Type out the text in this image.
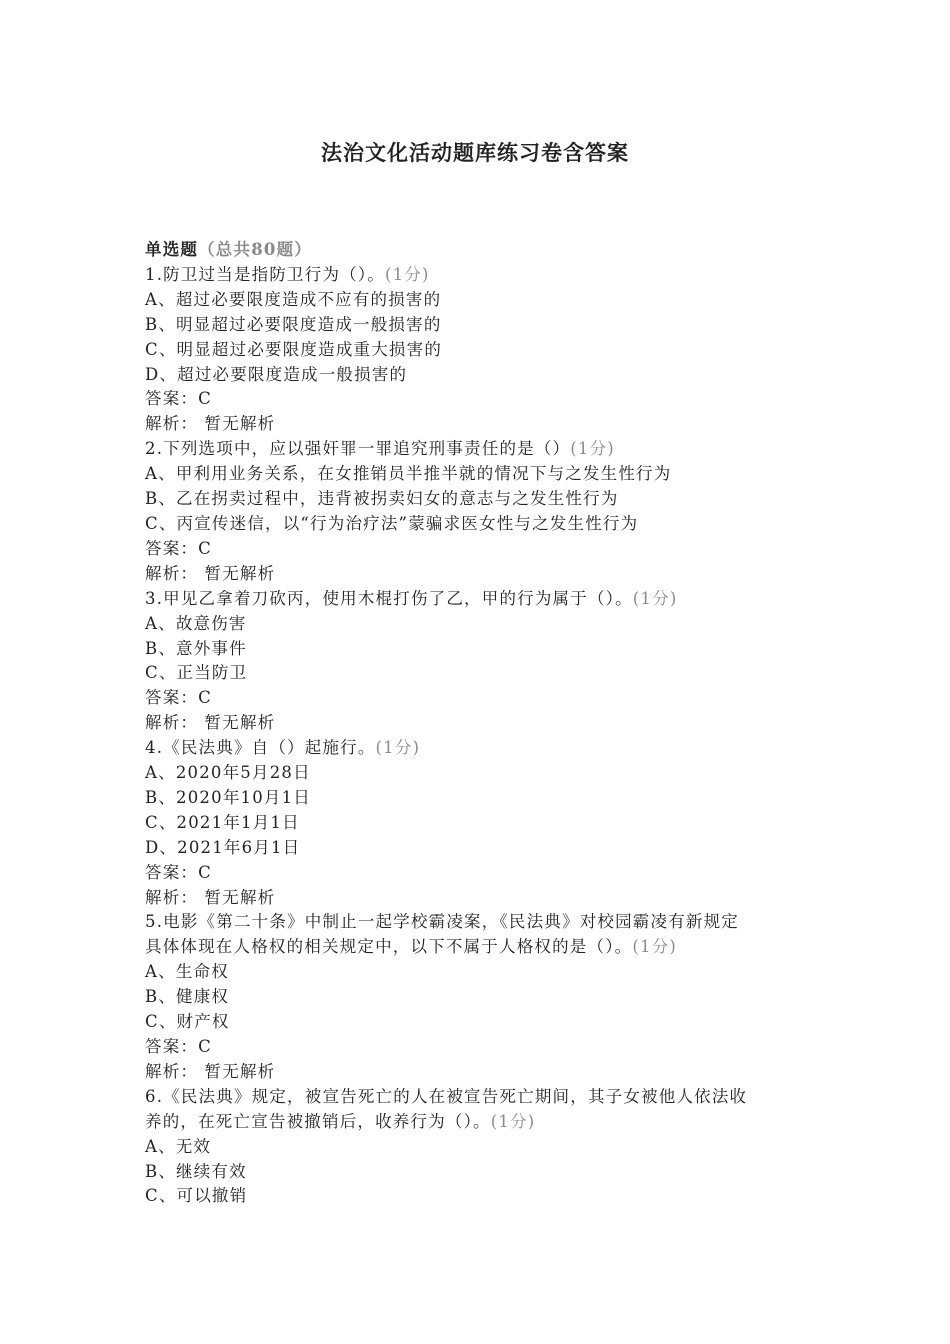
法治文化活动题库练习卷含答案
单选题（总共80题）
1.防卫过当是指防卫行为（）。(1分)
A、超过必要限度造成不应有的损害的
B、明显超过必要限度造成一般损害的
C、明显超过必要限度造成重大损害的
D、超过必要限度造成一般损害的
答案：C
解析： 暂无解析
2.下列选项中，应以强奸罪一罪追究刑事责任的是（）(1分)
A、甲利用业务关系，在女推销员半推半就的情况下与之发生性行为
B、乙在拐卖过程中，违背被拐卖妇女的意志与之发生性行为
C、丙宣传迷信，以“行为治疗法”蒙骗求医女性与之发生性行为
答案：C
解析： 暂无解析
3.甲见乙拿着刀砍丙，使用木棍打伤了乙，甲的行为属于（）。(1分)
A、故意伤害
B、意外事件
C、正当防卫
答案：C
解析： 暂无解析
4.《民法典》自（）起施行。(1分)
A、2020年5月28日
B、2020年10月1日
C、2021年1月1日
D、2021年6月1日
答案：C
解析： 暂无解析
5.电影《第二十条》中制止一起学校霸凌案，《民法典》对校园霸凌有新规定
具体体现在人格权的相关规定中，以下不属于人格权的是（）。(1分)
A、生命权
B、健康权
C、财产权
答案：C
解析： 暂无解析
6.《民法典》规定，被宣告死亡的人在被宣告死亡期间，其子女被他人依法收
养的，在死亡宣告被撤销后，收养行为（）。(1分)
A、无效
B、继续有效
C、可以撤销
